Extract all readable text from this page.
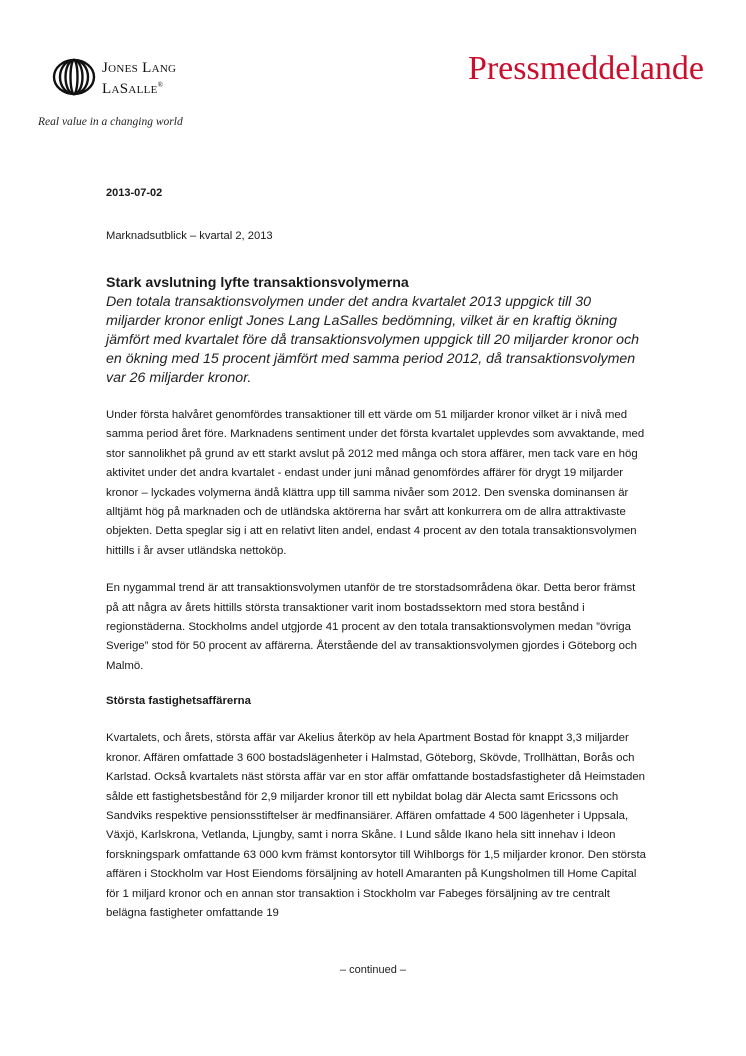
Jones Lang
LaSalle®
Real value in a changing world
Pressmeddelande

2013-07-02

Marknadsutblick – kvartal 2, 2013

Stark avslutning lyfte transaktionsvolymerna

Den totala transaktionsvolymen under det andra kvartalet 2013 uppgick till 30 miljarder kronor enligt Jones Lang LaSalles bedömning, vilket är en kraftig ökning jämfört med kvartalet före då transaktionsvolymen uppgick till 20 miljarder kronor och en ökning med 15 procent jämfört med samma period 2012, då transaktionsvolymen var 26 miljarder kronor.

Under första halvåret genomfördes transaktioner till ett värde om 51 miljarder kronor vilket är i nivå med samma period året före. Marknadens sentiment under det första kvartalet upplevdes som avvaktande, med stor sannolikhet på grund av ett starkt avslut på 2012 med många och stora affärer, men tack vare en hög aktivitet under det andra kvartalet - endast under juni månad genomfördes affärer för drygt 19 miljarder kronor – lyckades volymerna ändå klättra upp till samma nivåer som 2012. Den svenska dominansen är alltjämt hög på marknaden och de utländska aktörerna har svårt att konkurrera om de allra attraktivaste objekten. Detta speglar sig i att en relativt liten andel, endast 4 procent av den totala transaktionsvolymen hittills i år avser utländska nettoköp.

En nygammal trend är att transaktionsvolymen utanför de tre storstadsområdena ökar. Detta beror främst på att några av årets hittills största transaktioner varit inom bostadssektorn med stora bestånd i regionstäderna. Stockholms andel utgjorde 41 procent av den totala transaktionsvolymen medan ”övriga Sverige” stod för 50 procent av affärerna. Återstående del av transaktionsvolymen gjordes i Göteborg och Malmö.

Största fastighetsaffärerna

Kvartalets, och årets, största affär var Akelius återköp av hela Apartment Bostad för knappt 3,3 miljarder kronor. Affären omfattade 3 600 bostadslägenheter i Halmstad, Göteborg, Skövde, Trollhättan, Borås och Karlstad. Också kvartalets näst största affär var en stor affär omfattande bostadsfastigheter då Heimstaden sålde ett fastighetsbestånd för 2,9 miljarder kronor till ett nybildat bolag där Alecta samt Ericssons och Sandviks respektive pensionsstiftelser är medfinansiärer. Affären omfattade 4 500 lägenheter i Uppsala, Växjö, Karlskrona, Vetlanda, Ljungby, samt i norra Skåne. I Lund sålde Ikano hela sitt innehav i Ideon forskningspark omfattande 63 000 kvm främst kontorsytor till Wihlborgs för 1,5 miljarder kronor. Den största affären i Stockholm var Host Eiendoms försäljning av hotell Amaranten på Kungsholmen till Home Capital för 1 miljard kronor och en annan stor transaktion i Stockholm var Fabeges försäljning av tre centralt belägna fastigheter omfattande 19

– continued –
